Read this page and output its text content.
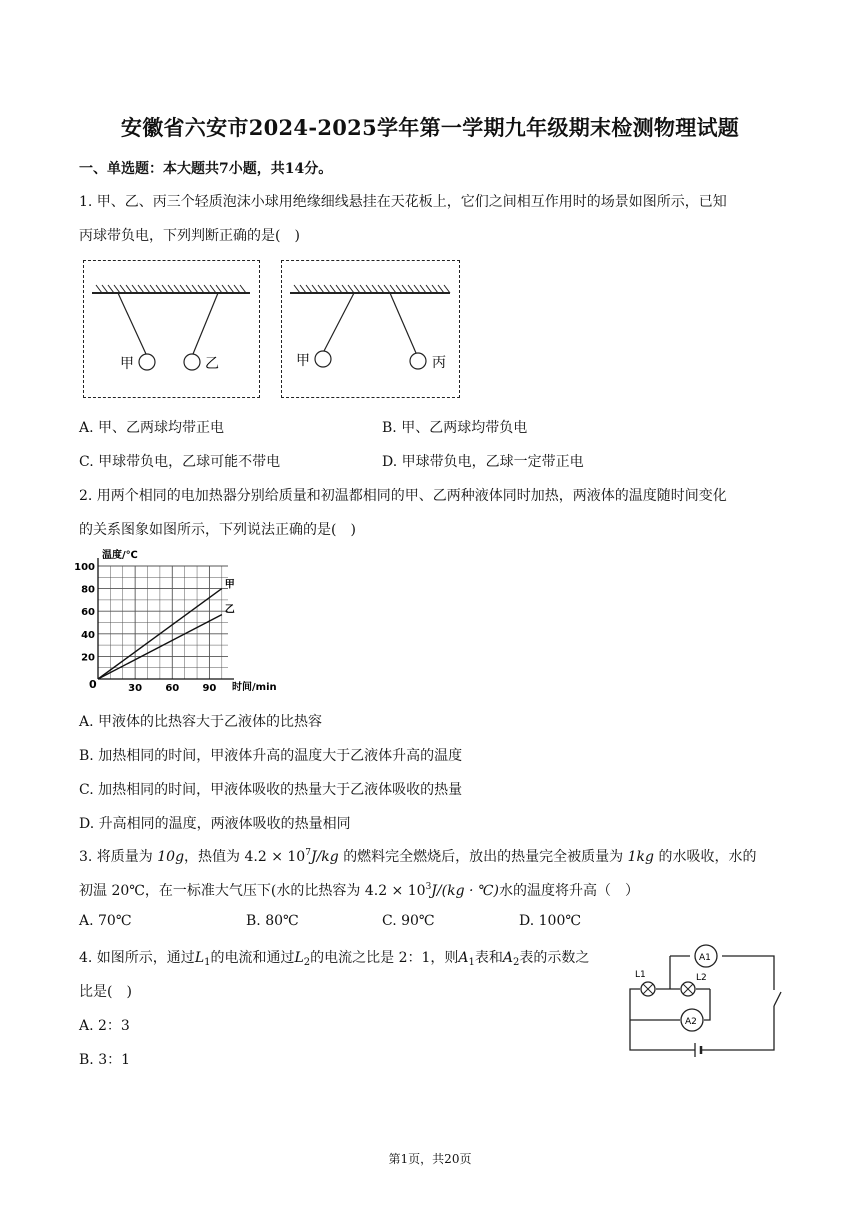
安徽省六安市2024-2025学年第一学期九年级期末检测物理试题
一、单选题：本大题共7小题，共14分。
1. 甲、乙、丙三个轻质泡沫小球用绝缘细线悬挂在天花板上，它们之间相互作用时的场景如图所示，已知
丙球带负电，下列判断正确的是(　)
甲	乙	甲	丙
A. 甲、乙两球均带正电	B. 甲、乙两球均带负电
C. 甲球带负电，乙球可能不带电	D. 甲球带负电，乙球一定带正电
2. 用两个相同的电加热器分别给质量和初温都相同的甲、乙两种液体同时加热，两液体的温度随时间变化
的关系图象如图所示，下列说法正确的是(　)
温度/℃
时间/min
0
20
40
60
80
100
30 60 90
甲
乙
A. 甲液体的比热容大于乙液体的比热容
B. 加热相同的时间，甲液体升高的温度大于乙液体升高的温度
C. 加热相同的时间，甲液体吸收的热量大于乙液体吸收的热量
D. 升高相同的温度，两液体吸收的热量相同
3. 将质量为 10g，热值为 $4.2 \times 10^7J/kg$ 的燃料完全燃烧后，放出的热量完全被质量为 1kg 的水吸收，水的
初温 20℃，在一标准大气压下(水的比热容为 $4.2 \times 10^3J/(kg$ · ℃)水的温度将升高（　）
A. 70℃	B. 80℃	C. 90℃	D. 100℃
4. 如图所示，通过$L_1$的电流和通过$L_2$的电流之比是 2：1，则$A_1$表和$A_2$表的示数之
比是(　)
A. 2：3
B. 3：1
A1
A2
L1	L2
第1页，共20页
